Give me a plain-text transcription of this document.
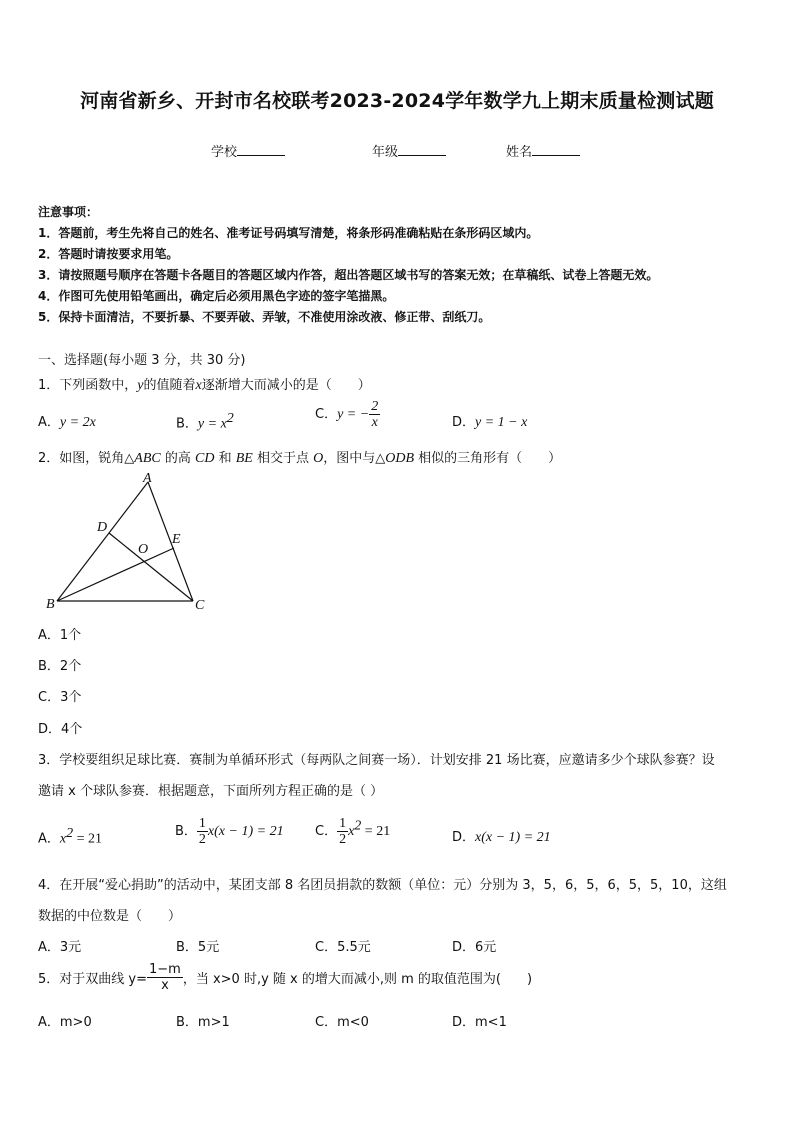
河南省新乡、开封市名校联考2023-2024学年数学九上期末质量检测试题
学校	年级	姓名
注意事项：
1．答题前，考生先将自己的姓名、准考证号码填写清楚，将条形码准确粘贴在条形码区域内。
2．答题时请按要求用笔。
3．请按照题号顺序在答题卡各题目的答题区域内作答，超出答题区域书写的答案无效；在草稿纸、试卷上答题无效。
4．作图可先使用铅笔画出，确定后必须用黑色字迹的签字笔描黑。
5．保持卡面清洁，不要折暴、不要弄破、弄皱，不准使用涂改液、修正带、刮纸刀。
一、选择题(每小题 3 分，共 30 分)
1．下列函数中，y的值随着x逐渐增大而减小的是（　　）
A．y = 2x	B．$y = x^2$	C．y = − $\frac{2}{x}$	D．y = 1 − x
2．如图，锐角△ABC 的高 CD 和 BE 相交于点 O，图中与△ODB 相似的三角形有（　　）
A
B	C
D
E
O
A．1个
B．2个
C．3个
D．4个
3．学校要组织足球比赛．赛制为单循环形式（每两队之间赛一场）．计划安排 21 场比赛，应邀请多少个球队参赛？设
邀请 x 个球队参赛．根据题意，下面所列方程正确的是（ ）
A．$x^2 = 21$	B． $\frac{1}{2} x(x - 1) = 21$ C． $\frac{1}{2} x^2 = 21$	D．x(x − 1) = 21
4．在开展“爱心捐助”的活动中，某团支部 8 名团员捐款的数额（单位：元）分别为 3，5，6，5，6，5，5，10，这组
数据的中位数是（　　）
A．3元	B．5元	C．5.5元	D．6元
5．对于双曲线 $y= \frac{1-m}{x}$ ，当 x>0 时,y 随 x 的增大而减小,则 m 的取值范围为(　　)
A．m>0	B．m>1	C．m<0	D．m<1
